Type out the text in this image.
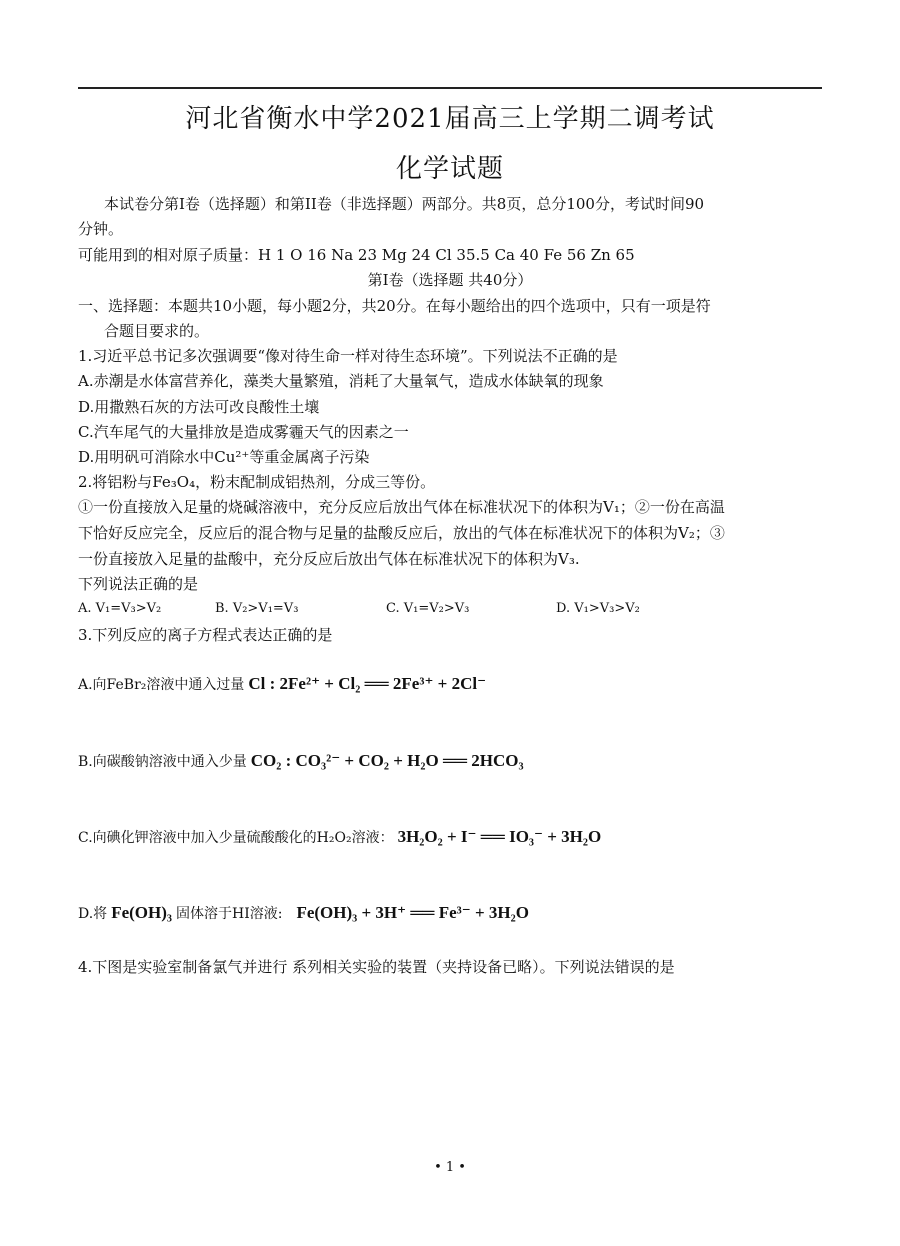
河北省衡水中学2021届高三上学期二调考试
化学试题
本试卷分第I卷（选择题）和第II卷（非选择题）两部分。共8页，总分100分，考试时间90
分钟。
可能用到的相对原子质量：H 1 O 16 Na 23 Mg 24 Cl 35.5 Ca 40 Fe 56 Zn 65
第I卷（选择题 共40分）
一、选择题：本题共10小题，每小题2分，共20分。在每小题给出的四个选项中，只有一项是符
合题目要求的。
1.习近平总书记多次强调要“像对待生命一样对待生态环境”。下列说法不正确的是
A.赤潮是水体富营养化，藻类大量繁殖，消耗了大量氧气，造成水体缺氧的现象
D.用撒熟石灰的方法可改良酸性土壤
C.汽车尾气的大量排放是造成雾霾天气的因素之一
D.用明矾可消除水中Cu²⁺等重金属离子污染
2.将铝粉与Fe₃O₄，粉末配制成铝热剂，分成三等份。
①一份直接放入足量的烧碱溶液中，充分反应后放出气体在标准状况下的体积为V₁；②一份在高温
下恰好反应完全，反应后的混合物与足量的盐酸反应后，放出的气体在标准状况下的体积为V₂；③
一份直接放入足量的盐酸中，充分反应后放出气体在标准状况下的体积为V₃.
下列说法正确的是
A. V₁=V₃>V₂	B. V₂>V₁=V₃	C. V₁=V₂>V₃	D. V₁>V₃>V₂
3.下列反应的离子方程式表达正确的是
A.向FeBr₂溶液中通入过量 Cl : 2Fe²⁺ + Cl₂ ══ 2Fe³⁺ + 2Cl⁻
B.向碳酸钠溶液中通入少量 CO₂ : CO₃²⁻ + CO₂ + H₂O ══ 2HCO₃
C.向碘化钾溶液中加入少量硫酸酸化的H₂O₂溶液： 3H₂O₂ + I⁻ ══ IO₃⁻ + 3H₂O
D.将 Fe(OH)₃ 固体溶于HI溶液: Fe(OH)₃ + 3H⁺ ══ Fe³⁻ + 3H₂O
4.下图是实验室制备氯气并进行 系列相关实验的装置（夹持设备已略）。下列说法错误的是
• 1 •
